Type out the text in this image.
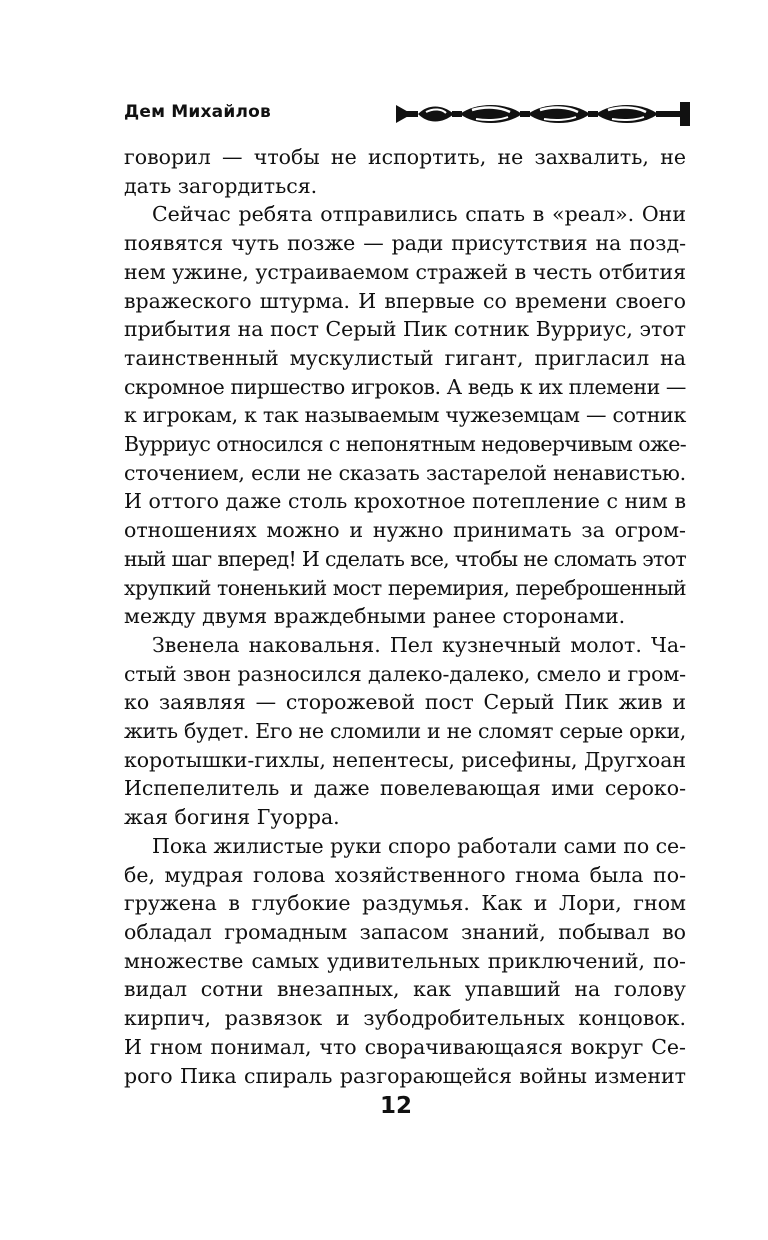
Дем Михайлов

говорил — чтобы не испортить, не захвалить, не
дать загордиться.

Сейчас ребята отправились спать в «реал». Они
появятся чуть позже — ради присутствия на позд-
нем ужине, устраиваемом стражей в честь отбития
вражеского штурма. И впервые со времени своего
прибытия на пост Серый Пик сотник Вурриус, этот
таинственный мускулистый гигант, пригласил на
скромное пиршество игроков. А ведь к их племени —
к игрокам, к так называемым чужеземцам — сотник
Вурриус относился с непонятным недоверчивым оже-
сточением, если не сказать застарелой ненавистью.
И оттого даже столь крохотное потепление с ним в
отношениях можно и нужно принимать за огром-
ный шаг вперед! И сделать все, чтобы не сломать этот
хрупкий тоненький мост перемирия, переброшенный
между двумя враждебными ранее сторонами.

Звенела наковальня. Пел кузнечный молот. Ча-
стый звон разносился далеко-далеко, смело и гром-
ко заявляя — сторожевой пост Серый Пик жив и
жить будет. Его не сломили и не сломят серые орки,
коротышки-гихлы, непентесы, рисефины, Другхоан
Испепелитель и даже повелевающая ими сероко-
жая богиня Гуорра.

Пока жилистые руки споро работали сами по се-
бе, мудрая голова хозяйственного гнома была по-
гружена в глубокие раздумья. Как и Лори, гном
обладал громадным запасом знаний, побывал во
множестве самых удивительных приключений, по-
видал сотни внезапных, как упавший на голову
кирпич, развязок и зубодробительных концовок.
И гном понимал, что сворачивающаяся вокруг Се-
рого Пика спираль разгорающейся войны изменит

12
